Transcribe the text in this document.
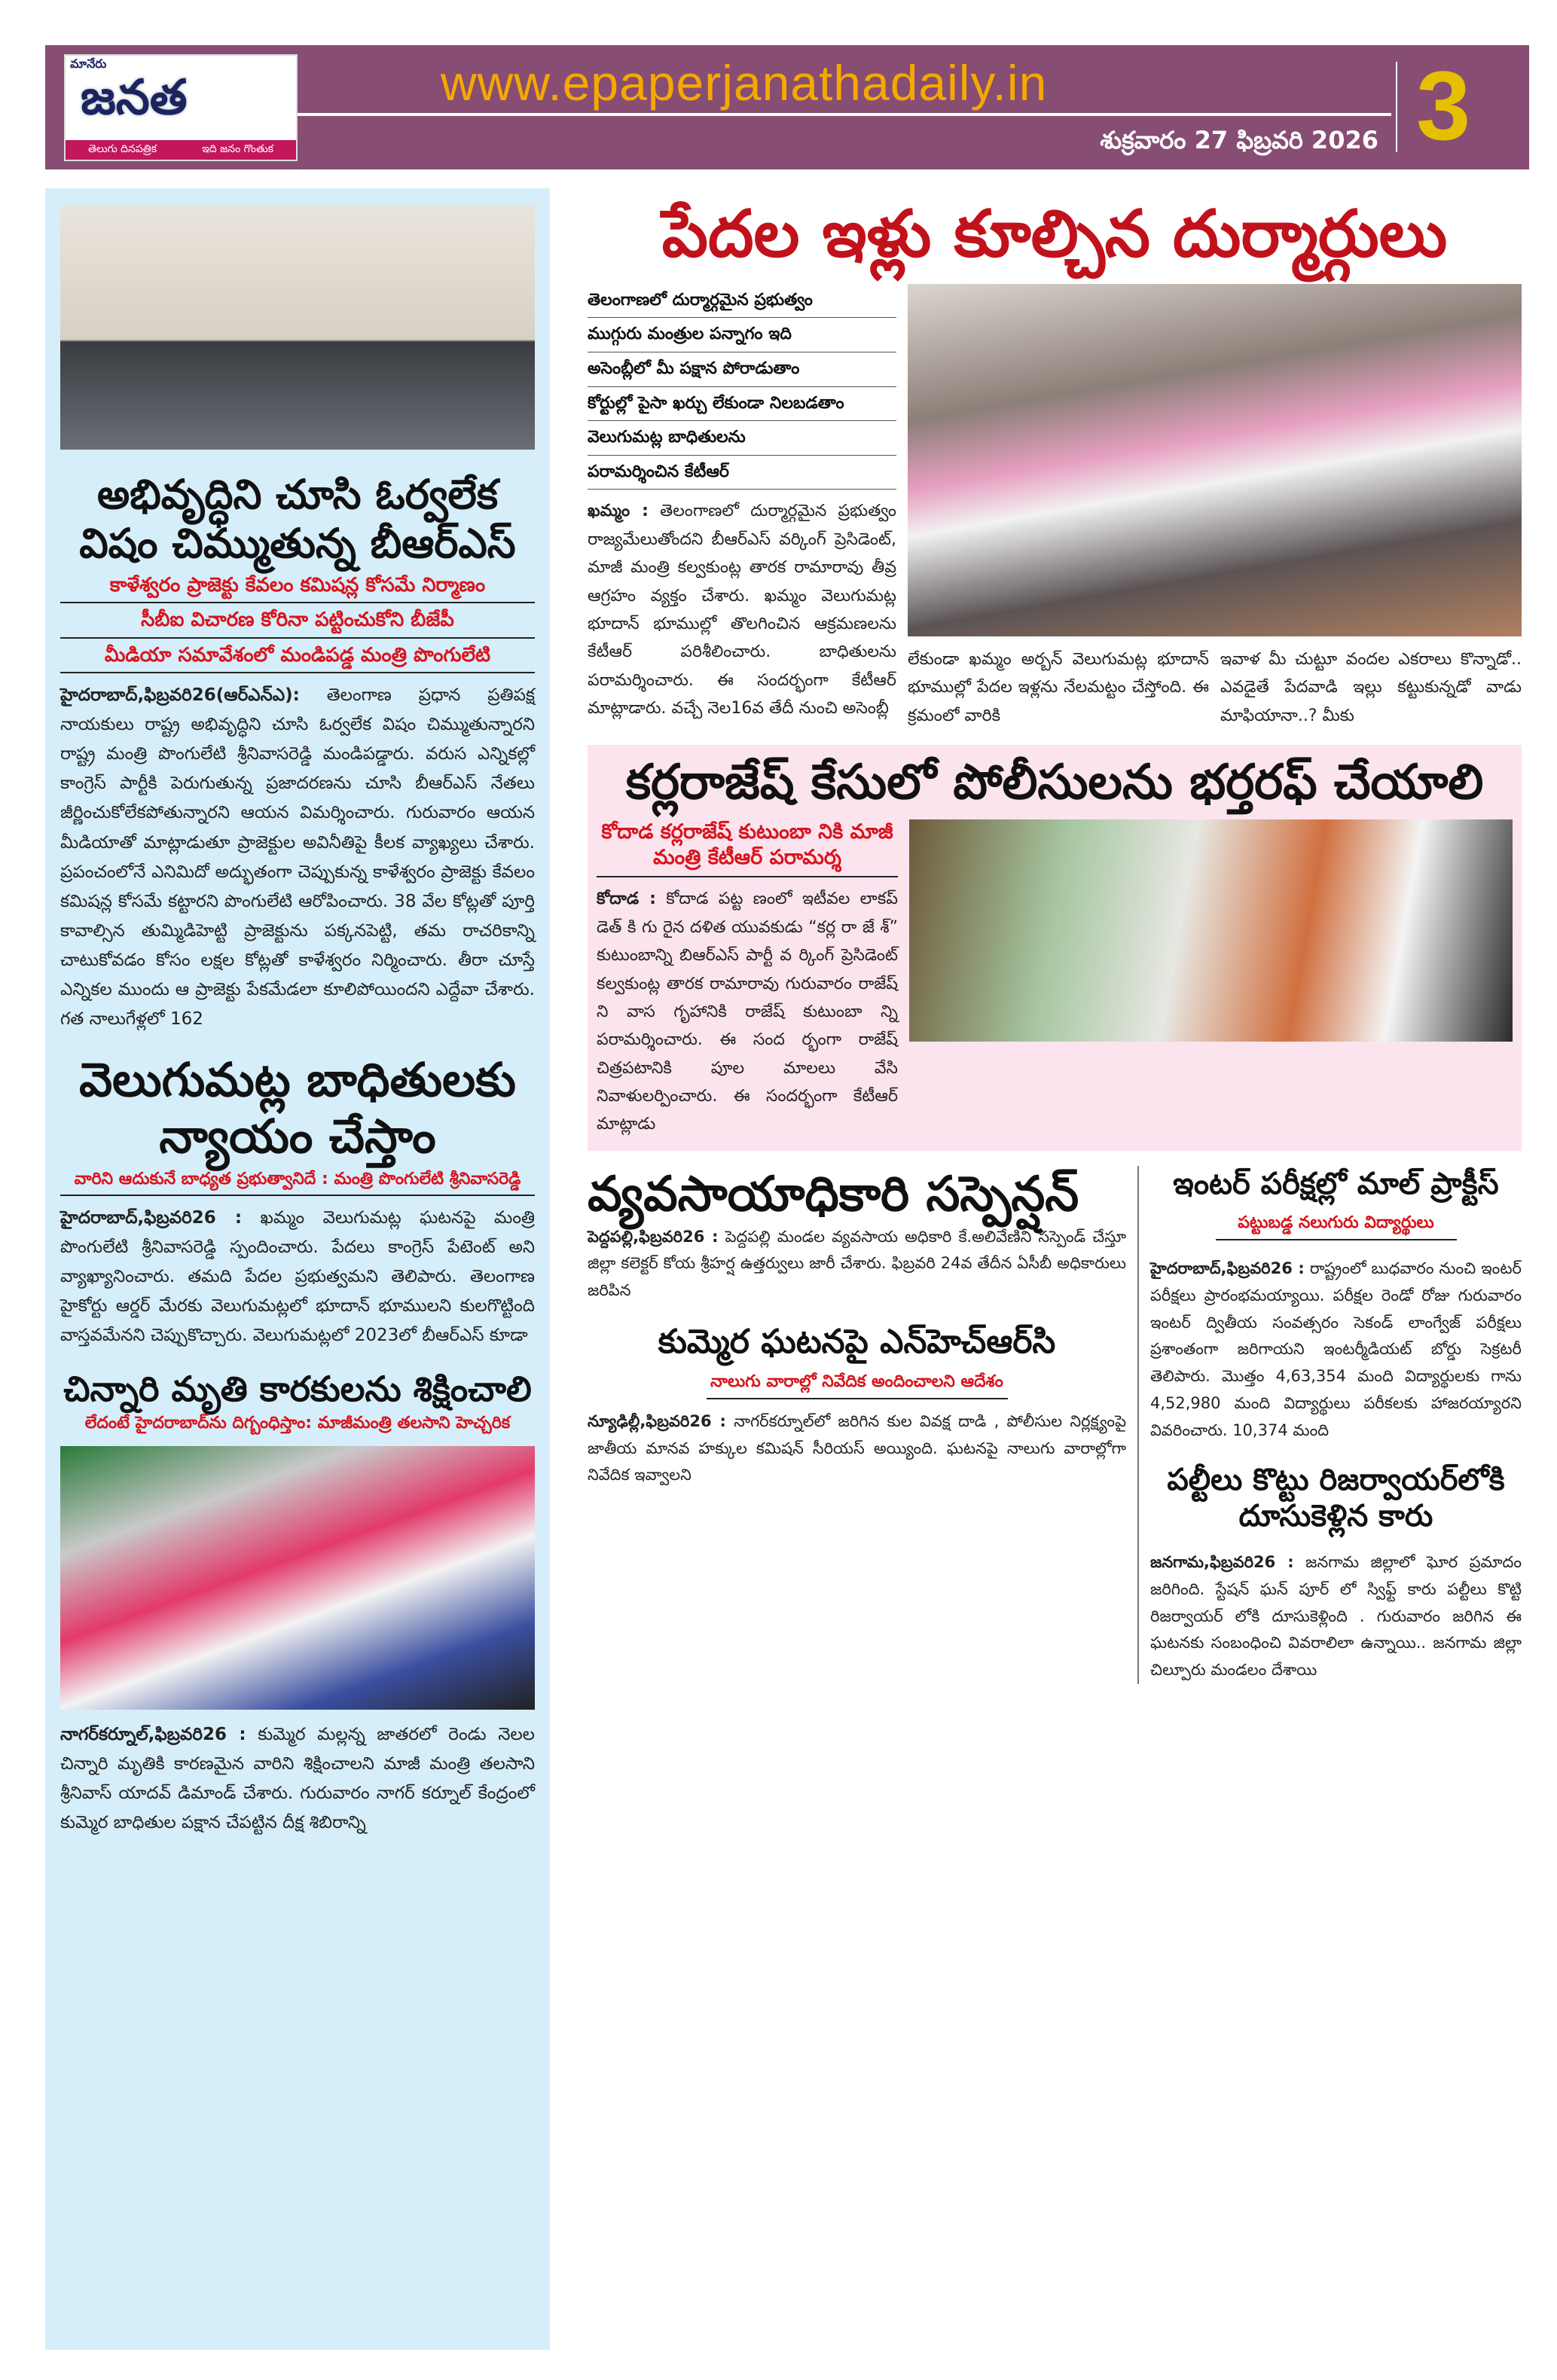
మానేరు
జనత
తెలుగు దినపత్రిక	ఇది జనం గొంతుక
www.epaperjanathadaily.in
శుక్రవారం 27 ఫిబ్రవరి 2026 3
అభివృద్ధిని చూసి ఓర్వలేక విషం చిమ్ముతున్న బీఆర్ఎస్
కాళేశ్వరం ప్రాజెక్టు కేవలం కమిషన్ల కోసమే నిర్మాణం
సీబీఐ విచారణ కోరినా పట్టించుకోని బీజేపీ
మీడియా సమావేశంలో మండిపడ్డ మంత్రి పొంగులేటి

హైదరాబాద్,ఫిబ్రవరి26(ఆర్ఎన్ఎ): తెలంగాణ ప్రధాన ప్రతిపక్ష నాయకులు రాష్ట్ర అభివృద్ధిని చూసి ఓర్వలేక విషం చిమ్ముతున్నారని రాష్ట్ర మంత్రి పొంగులేటి శ్రీనివాసరెడ్డి మండిపడ్డారు. వరుస ఎన్నికల్లో కాంగ్రెస్ పార్టీకి పెరుగుతున్న ప్రజాదరణను చూసి బీఆర్ఎస్ నేతలు జీర్ణించుకోలేకపోతున్నారని ఆయన విమర్శించారు. గురువారం ఆయన మీడియాతో మాట్లాడుతూ ప్రాజెక్టుల అవినీతిపై కీలక వ్యాఖ్యలు చేశారు. ప్రపంచంలోనే ఎనిమిదో అద్భుతంగా చెప్పుకున్న కాళేశ్వరం ప్రాజెక్టు కేవలం కమిషన్ల కోసమే కట్టారని పొంగులేటి ఆరోపించారు. 38 వేల కోట్లతో పూర్తి కావాల్సిన తుమ్మిడిహెట్టి ప్రాజెక్టును పక్కనపెట్టి, తమ రాచరికాన్ని చాటుకోవడం కోసం లక్షల కోట్లతో కాళేశ్వరం నిర్మించారు. తీరా చూస్తే ఎన్నికల ముందు ఆ ప్రాజెక్టు పేకమేడలా కూలిపోయిందని ఎద్దేవా చేశారు. గత నాలుగేళ్లలో 162

వెలుగుమట్ల బాధితులకు న్యాయం చేస్తాం
వారిని ఆదుకునే బాధ్యత ప్రభుత్వానిదే : మంత్రి పొంగులేటి శ్రీనివాసరెడ్డి

హైదరాబాద్,ఫిబ్రవరి26 : ఖమ్మం వెలుగుమట్ల ఘటనపై మంత్రి పొంగులేటి శ్రీనివాసరెడ్డి స్పందించారు. పేదలు కాంగ్రెస్ పేటెంట్ అని వ్యాఖ్యానించారు. తమది పేదల ప్రభుత్వమని తెలిపారు. తెలంగాణ హైకోర్టు ఆర్డర్ మేరకు వెలుగుమట్లలో భూదాన్ భూములని కులగొట్టింది వాస్తవమేనని చెప్పుకొచ్చారు. వెలుగుమట్లలో 2023లో బీఆర్ఎస్ కూడా

చిన్నారి మృతి కారకులను శిక్షించాలి
లేదంటే హైదరాబాద్‌ను దిగ్బంధిస్తాం: మాజీమంత్రి తలసాని హెచ్చరిక

నాగర్‌కర్నూల్,ఫిబ్రవరి26 : కుమ్మెర మల్లన్న జాతరలో రెండు నెలల చిన్నారి మృతికి కారణమైన వారిని శిక్షించాలని మాజీ మంత్రి తలసాని శ్రీనివాస్ యాదవ్ డిమాండ్ చేశారు. గురువారం నాగర్ కర్నూల్ కేంద్రంలో కుమ్మెర బాధితుల పక్షాన చేపట్టిన దీక్ష శిబిరాన్ని

పేదల ఇళ్లు కూల్చిన దుర్మార్గులు
తెలంగాణలో దుర్మార్గమైన ప్రభుత్వం
ముగ్గురు మంత్రుల పన్నాగం ఇది
అసెంబ్లీలో మీ పక్షాన పోరాడుతాం
కోర్టుల్లో పైసా ఖర్చు లేకుండా నిలబడతాం
వెలుగుమట్ల బాధితులను
పరామర్శించిన కేటీఆర్

ఖమ్మం : తెలంగాణలో దుర్మార్గమైన ప్రభుత్వం రాజ్యమేలుతోందని బీఆర్ఎస్ వర్కింగ్ ప్రెసిడెంట్, మాజీ మంత్రి కల్వకుంట్ల తారక రామారావు తీవ్ర ఆగ్రహం వ్యక్తం చేశారు. ఖమ్మం వెలుగుమట్ల భూదాన్ భూముల్లో తొలగించిన ఆక్రమణలను కేటీఆర్ పరిశీలించారు. బాధితులను పరామర్శించారు. ఈ సందర్భంగా కేటీఆర్ మాట్లాడారు. వచ్చే నెల16వ తేదీ నుంచి అసెంబ్లీ

లేకుండా ఖమ్మం అర్బన్ వెలుగుమట్ల భూదాన్ భూముల్లో పేదల ఇళ్లను నేలమట్టం చేస్తోంది. ఈ క్రమంలో వారికి

ఇవాళ మీ చుట్టూ వందల ఎకరాలు కొన్నాడో.. ఎవడైతే పేదవాడి ఇల్లు కట్టుకున్నడో వాడు మాఫియానా..? మీకు

కర్లరాజేష్ కేసులో పోలీసులను భర్తరఫ్ చేయాలి
కోదాడ కర్లరాజేష్ కుటుంబా నికి మాజీ మంత్రి కేటీఆర్ పరామర్శ

కోదాడ : కోదాడ పట్ట ణంలో ఇటీవల లాకప్ డెత్ కి గు రైన దళిత యువకుడు “కర్ల రా జే శ్” కుటుంబాన్ని బిఆర్ఎస్ పార్టీ వ ర్కింగ్ ప్రెసిడెంట్ కల్వకుంట్ల తారక రామారావు గురువారం రాజేష్ ని వాస గృహానికి రాజేష్ కుటుంబా న్ని పరామర్శించారు. ఈ సంద ర్భంగా రాజేష్ చిత్రపటానికి పూల మాలలు వేసి నివాళులర్పించారు. ఈ సందర్భంగా కేటీఆర్ మాట్లాడు

వ్యవసాయాధికారి సస్పెన్షన్

పెద్దపల్లి,ఫిబ్రవరి26 : పెద్దపల్లి మండల వ్యవసాయ అధికారి కే.అలివేణిని సస్పెండ్ చేస్తూ జిల్లా కలెక్టర్ కోయ శ్రీహర్ష ఉత్తర్వులు జారీ చేశారు. ఫిబ్రవరి 24వ తేదీన ఏసీబీ అధికారులు జరిపిన

కుమ్మెర ఘటనపై ఎన్‌హెచ్‌ఆర్‌సి
నాలుగు వారాల్లో నివేదిక అందించాలని ఆదేశం

న్యూఢిల్లీ,ఫిబ్రవరి26 : నాగర్‌కర్నూల్‌లో జరిగిన కుల వివక్ష దాడి , పోలీసుల నిర్లక్ష్యంపై జాతీయ మానవ హక్కుల కమిషన్ సీరియస్ అయ్యింది. ఘటనపై నాలుగు వారాల్లోగా నివేదిక ఇవ్వాలని

ఇంటర్ పరీక్షల్లో మాల్ ప్రాక్టీస్
పట్టుబడ్డ నలుగురు విద్యార్థులు

హైదరాబాద్,ఫిబ్రవరి26 : రాష్ట్రంలో బుధవారం నుంచి ఇంటర్ పరీక్షలు ప్రారంభమయ్యాయి. పరీక్షల రెండో రోజు గురువారం ఇంటర్ ద్వితీయ సంవత్సరం సెకండ్ లాంగ్వేజ్ పరీక్షలు ప్రశాంతంగా జరిగాయని ఇంటర్మీడియట్ బోర్డు సెక్రటరీ తెలిపారు. మొత్తం 4,63,354 మంది విద్యార్థులకు గాను 4,52,980 మంది విద్యార్థులు పరీకలకు హాజరయ్యారని వివరించారు. 10,374 మంది

పల్టీలు కొట్టు రిజర్వాయర్‌లోకి దూసుకెళ్లిన కారు

జనగామ,ఫిబ్రవరి26 : జనగామ జిల్లాలో ఘోర ప్రమాదం జరిగింది. స్టేషన్ ఘన్ పూర్ లో స్విఫ్ట్ కారు పల్టీలు కొట్టి రిజర్వాయర్ లోకి దూసుకెళ్లింది . గురువారం జరిగిన ఈ ఘటనకు సంబంధించి వివరాలిలా ఉన్నాయి.. జనగామ జిల్లా చిల్పూరు మండలం దేశాయి
